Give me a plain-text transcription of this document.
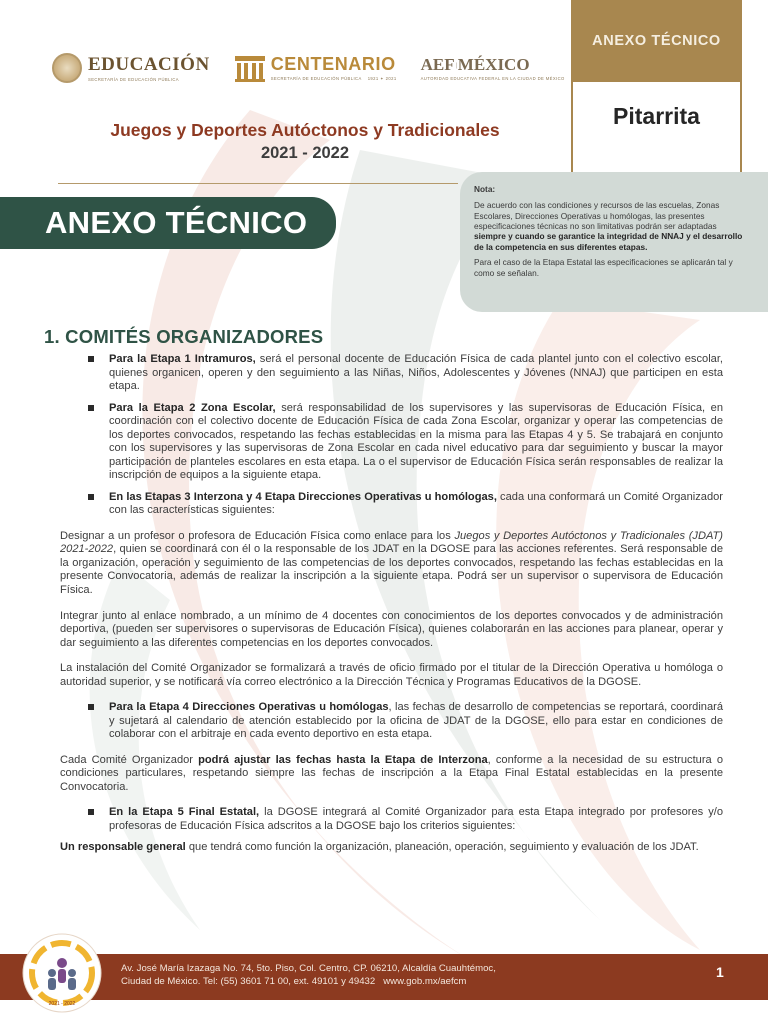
EDUCACIÓN
SECRETARÍA DE EDUCACIÓN PÚBLICA
CENTENARIO
SECRETARÍA DE EDUCACIÓN PÚBLICA 1921 ✦ 2021
AEF|MÉXICO
AUTORIDAD EDUCATIVA FEDERAL EN LA CIUDAD DE MÉXICO
ANEXO TÉCNICO
Pitarrita
Juegos y Deportes Autóctonos y Tradicionales
2021 - 2022
ANEXO TÉCNICO

Nota:

De acuerdo con las condiciones y recursos de las escuelas, Zonas Escolares, Direcciones Operativas u homólogas, las presentes especificaciones técnicas no son limitativas podrán ser adaptadas siempre y cuando se garantice la integridad de NNAJ y el desarrollo de la competencia en sus diferentes etapas.

Para el caso de la Etapa Estatal las especificaciones se aplicarán tal y como se señalan.

1. COMITÉS ORGANIZADORES
Para la Etapa 1 Intramuros, será el personal docente de Educación Física de cada plantel junto con el colectivo escolar, quienes organicen, operen y den seguimiento a las Niñas, Niños, Adolescentes y Jóvenes (NNAJ) que participen en esta etapa.
Para la Etapa 2 Zona Escolar, será responsabilidad de los supervisores y las supervisoras de Educación Física, en coordinación con el colectivo docente de Educación Física de cada Zona Escolar, organizar y operar las competencias de los deportes convocados, respetando las fechas establecidas en la misma para las Etapas 4 y 5. Se trabajará en conjunto con los supervisores y las supervisoras de Zona Escolar en cada nivel educativo para dar seguimiento y buscar la mayor participación de planteles escolares en esta etapa. La o el supervisor de Educación Física serán responsables de realizar la inscripción de equipos a la siguiente etapa.
En las Etapas 3 Interzona y 4 Etapa Direcciones Operativas u homólogas, cada una conformará un Comité Organizador con las características siguientes:
Designar a un profesor o profesora de Educación Física como enlace para los Juegos y Deportes Autóctonos y Tradicionales (JDAT) 2021-2022, quien se coordinará con él o la responsable de los JDAT en la DGOSE para las acciones referentes. Será responsable de la organización, operación y seguimiento de las competencias de los deportes convocados, respetando las fechas establecidas en la presente Convocatoria, además de realizar la inscripción a la siguiente etapa. Podrá ser un supervisor o supervisora de Educación Física.
Integrar junto al enlace nombrado, a un mínimo de 4 docentes con conocimientos de los deportes convocados y de administración deportiva, (pueden ser supervisores o supervisoras de Educación Física), quienes colaborarán en las acciones para planear, operar y dar seguimiento a las diferentes competencias en los deportes convocados.
La instalación del Comité Organizador se formalizará a través de oficio firmado por el titular de la Dirección Operativa u homóloga o autoridad superior, y se notificará vía correo electrónico a la Dirección Técnica y Programas Educativos de la DGOSE.
Para la Etapa 4 Direcciones Operativas u homólogas, las fechas de desarrollo de competencias se reportará, coordinará y sujetará al calendario de atención establecido por la oficina de JDAT de la DGOSE, ello para estar en condiciones de colaborar con el arbitraje en cada evento deportivo en esta etapa.
Cada Comité Organizador podrá ajustar las fechas hasta la Etapa de Interzona, conforme a la necesidad de su estructura o condiciones particulares, respetando siempre las fechas de inscripción a la Etapa Final Estatal establecidas en la presente Convocatoria.
En la Etapa 5 Final Estatal, la DGOSE integrará al Comité Organizador para esta Etapa integrado por profesores y/o profesoras de Educación Física adscritos a la DGOSE bajo los criterios siguientes:
Un responsable general que tendrá como función la organización, planeación, operación, seguimiento y evaluación de los JDAT.
Av. José María Izazaga No. 74, 5to. Piso, Col. Centro, CP. 06210, Alcaldía Cuauhtémoc,
Ciudad de México. Tel: (55) 3601 71 00, ext. 49101 y 49432 www.gob.mx/aefcm
1
2021 - 2022
